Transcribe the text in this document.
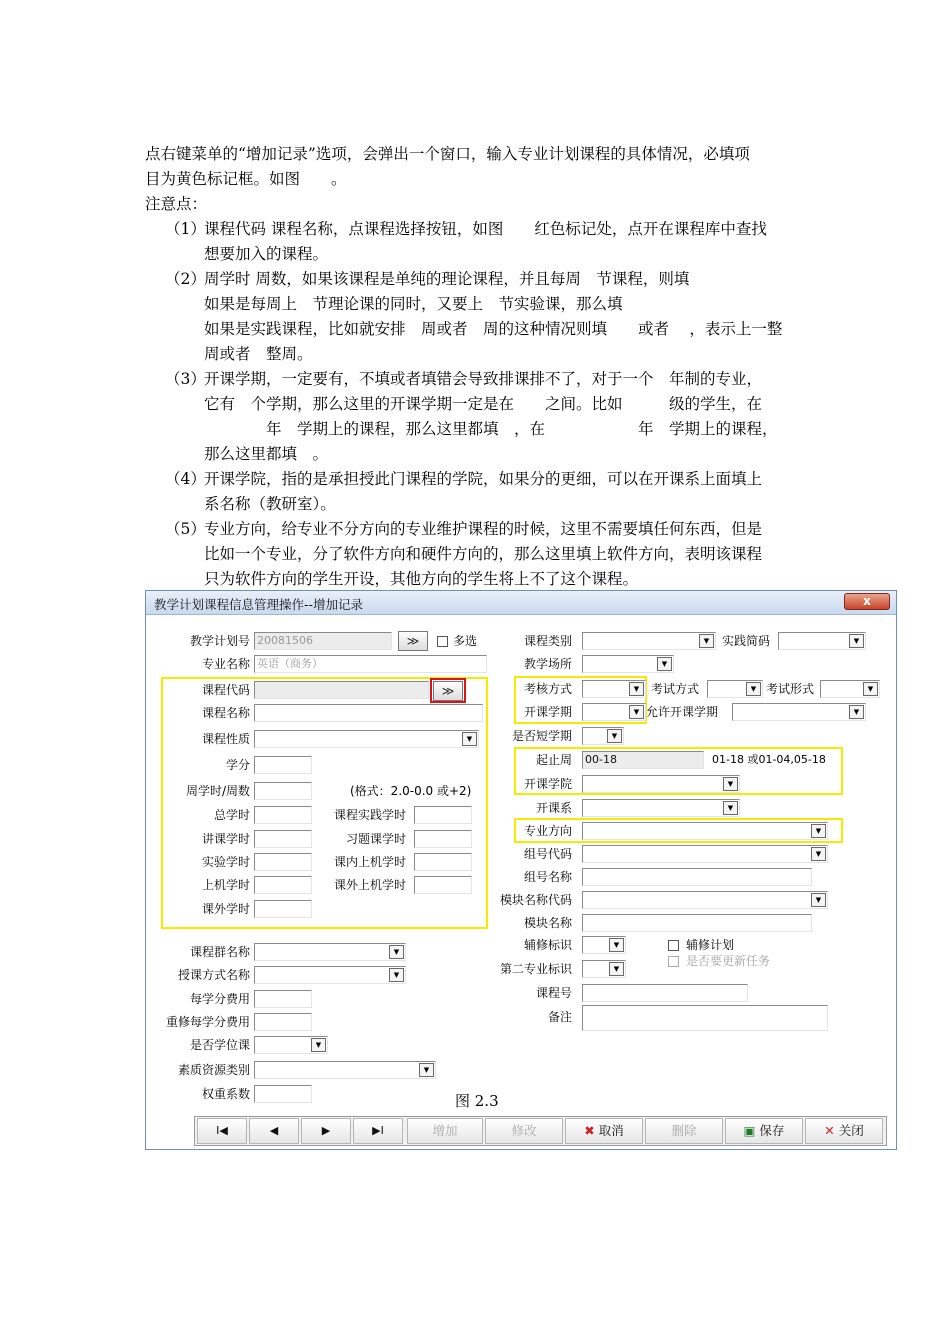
点右键菜单的“增加记录”选项，会弹出一个窗口，输入专业计划课程的具体情况，必填项
目为黄色标记框。如图　　。
注意点：
（1）
课程代码 课程名称，点课程选择按钮，如图　　红色标记处，点开在课程库中查找
想要加入的课程。
（2）
周学时 周数，如果该课程是单纯的理论课程，并且每周　节课程，则填
如果是每周上　节理论课的同时，又要上　节实验课，那么填
如果是实践课程，比如就安排　周或者　周的这种情况则填　　或者　 ，表示上一整
周或者　整周。
（3）
开课学期，一定要有，不填或者填错会导致排课排不了，对于一个　年制的专业，
它有　个学期，那么这里的开课学期一定是在　　之间。比如　　　级的学生，在
　　　　年　学期上的课程，那么这里都填　，在　　　　　　年　学期上的课程，
那么这里都填　。
（4）
开课学院，指的是承担授此门课程的学院，如果分的更细，可以在开课系上面填上
系名称（教研室）。
（5）
专业方向，给专业不分方向的专业维护课程的时候，这里不需要填任何东西，但是
比如一个专业，分了软件方向和硬件方向的，那么这里填上软件方向，表明该课程
只为软件方向的学生开设，其他方向的学生将上不了这个课程。
教学计划课程信息管理操作--增加记录	x
教学计划号 20081506	≫	多选
专业名称 英语（商务）
课程代码	≫
课程名称
课程性质	▼
学分
周学时/周数	(格式：2.0-0.0 或+2)
总学时	课程实践学时
讲课学时	习题课学时
实验学时	课内上机学时
上机学时	课外上机学时
课外学时
课程群名称	▼
授课方式名称	▼
每学分费用
重修每学分费用
是否学位课	▼
素质资源类别	▼
权重系数
课程类别	▼	实践简码	▼
教学场所	▼
考核方式	▼ 考试方式	▼ 考试形式	▼
开课学期	▼ 允许开课学期	▼
是否短学期	▼
起止周 00-18	01-18 或01-04,05-18
开课学院	▼
开课系	▼
专业方向	▼
组号代码	▼
组号名称
模块名称代码	▼
模块名称
辅修标识	▼	辅修计划
第二专业标识	▼
是否要更新任务
课程号
备注
图 2.3
I◀	◀	▶	▶I	增加	修改	✖ 取消	删除	▣ 保存	✕ 关闭
